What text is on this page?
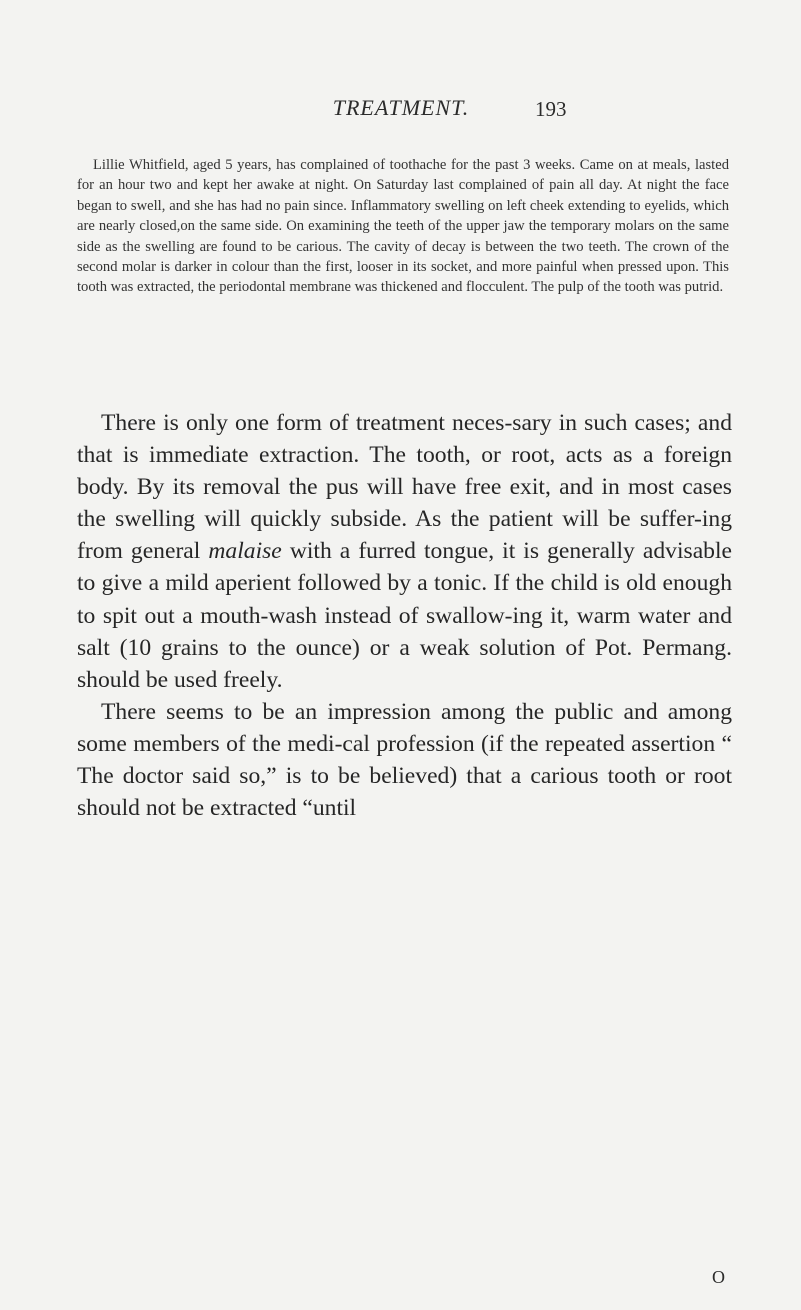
TREATMENT.	193

Lillie Whitfield, aged 5 years, has complained of toothache for the past 3 weeks. Came on at meals, lasted for an hour two and kept her awake at night. On Saturday last complained of pain all day. At night the face began to swell, and she has had no pain since. Inflammatory swelling on left cheek extending to eyelids, which are nearly closed,on the same side. On examining the teeth of the upper jaw the temporary molars on the same side as the swelling are found to be carious. The cavity of decay is between the two teeth. The crown of the second molar is darker in colour than the first, looser in its socket, and more painful when pressed upon. This tooth was extracted, the periodontal membrane was thickened and flocculent. The pulp of the tooth was putrid.

There is only one form of treatment neces-sary in such cases; and that is immediate extraction. The tooth, or root, acts as a foreign body. By its removal the pus will have free exit, and in most cases the swelling will quickly subside. As the patient will be suffer-ing from general malaise with a furred tongue, it is generally advisable to give a mild aperient followed by a tonic. If the child is old enough to spit out a mouth-wash instead of swallow-ing it, warm water and salt (10 grains to the ounce) or a weak solution of Pot. Permang. should be used freely.
There seems to be an impression among the public and among some members of the medi-cal profession (if the repeated assertion “ The doctor said so,” is to be believed) that a carious tooth or root should not be extracted “until

O
